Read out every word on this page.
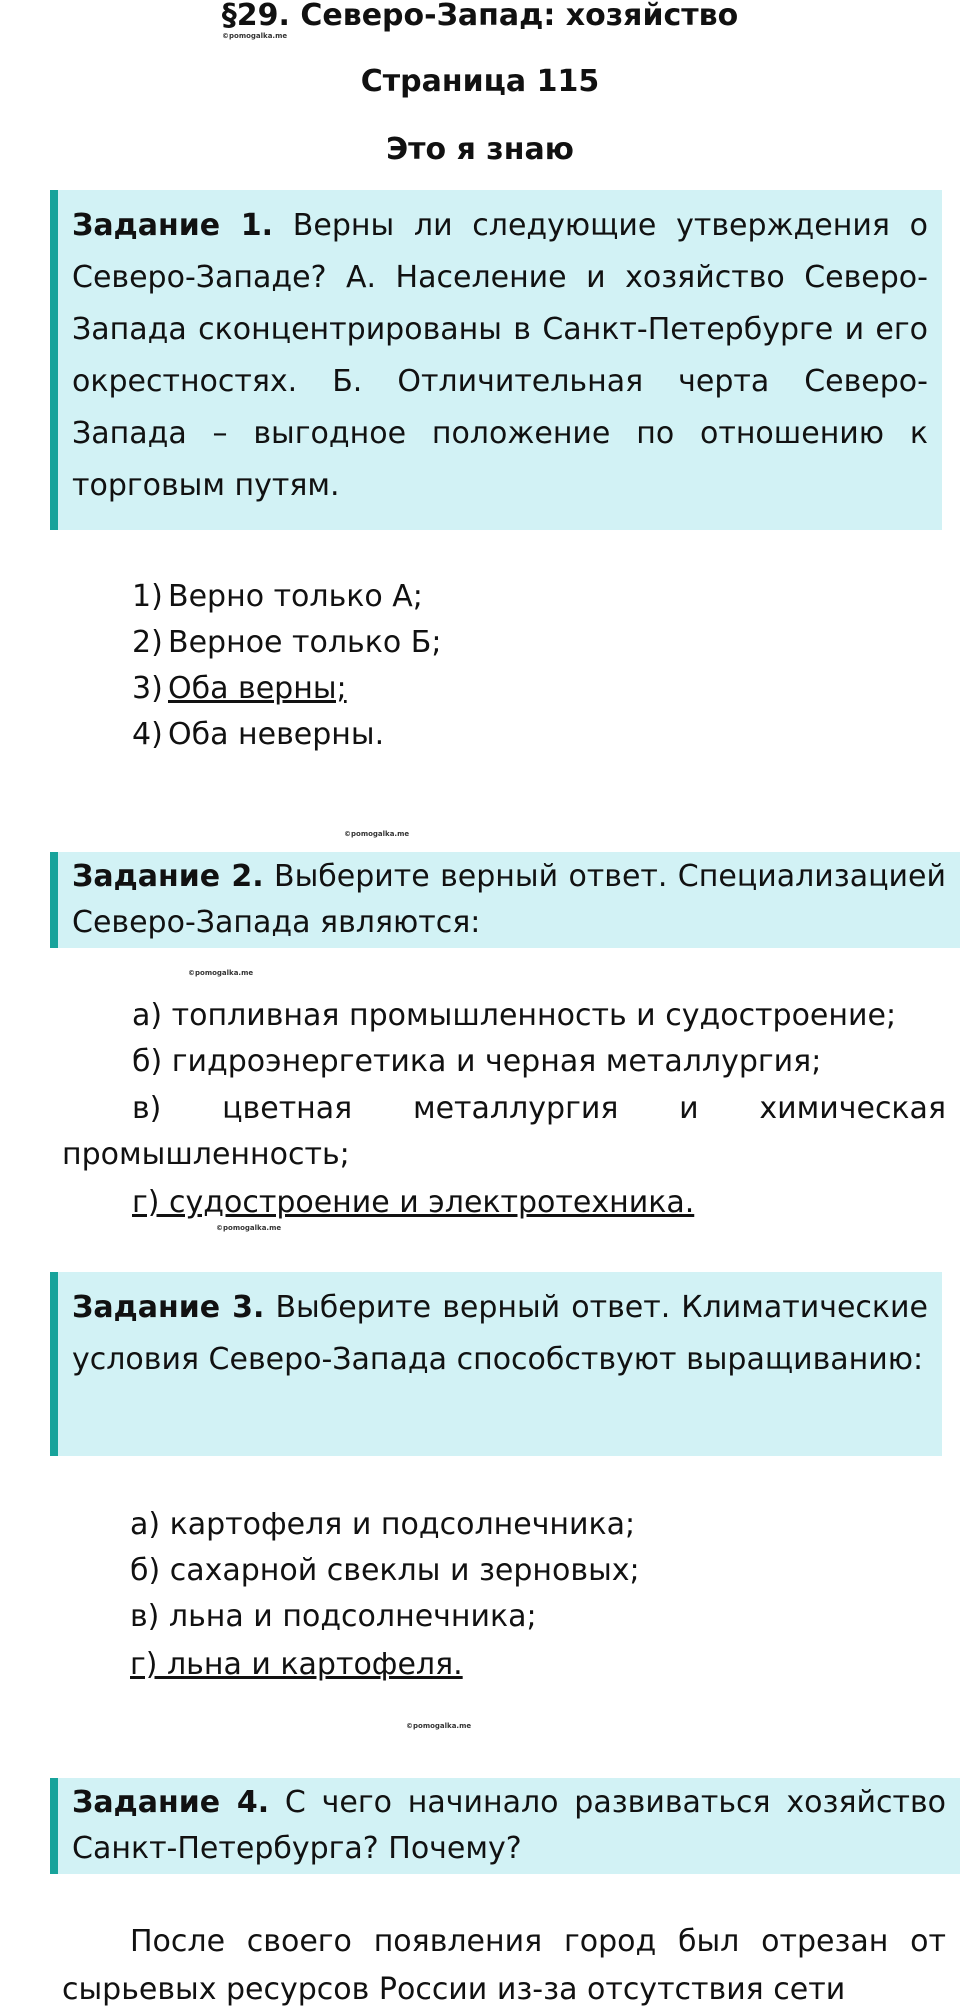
§29. Северо-Запад: хозяйство
©pomogalka.me
Страница 115
Это я знаю
Задание 1. Верны ли следующие утверждения о Северо-Западе? А. Население и хозяйство Северо-Запада сконцентрированы в Санкт-Петербурге и его окрестностях. Б. Отличительная черта Северо-Запада – выгодное положение по отношению к торговым путям.
1) Верно только А;
2) Верное только Б;
3) Оба верны;
4) Оба неверны.
©pomogalka.me
Задание 2. Выберите верный ответ. Специализацией Северо-Запада являются:
©pomogalka.me
а) топливная промышленность и судостроение;
б) гидроэнергетика и черная металлургия;
в) цветная металлургия и химическая промышленность;
г) судостроение и электротехника.
©pomogalka.me
Задание 3. Выберите верный ответ. Климатические условия Северо-Запада способствуют выращиванию:
а) картофеля и подсолнечника;
б) сахарной свеклы и зерновых;
в) льна и подсолнечника;
г) льна и картофеля.
©pomogalka.me
Задание 4. С чего начинало развиваться хозяйство Санкт-Петербурга? Почему?
После своего появления город был отрезан от сырьевых ресурсов России из-за отсутствия сети
